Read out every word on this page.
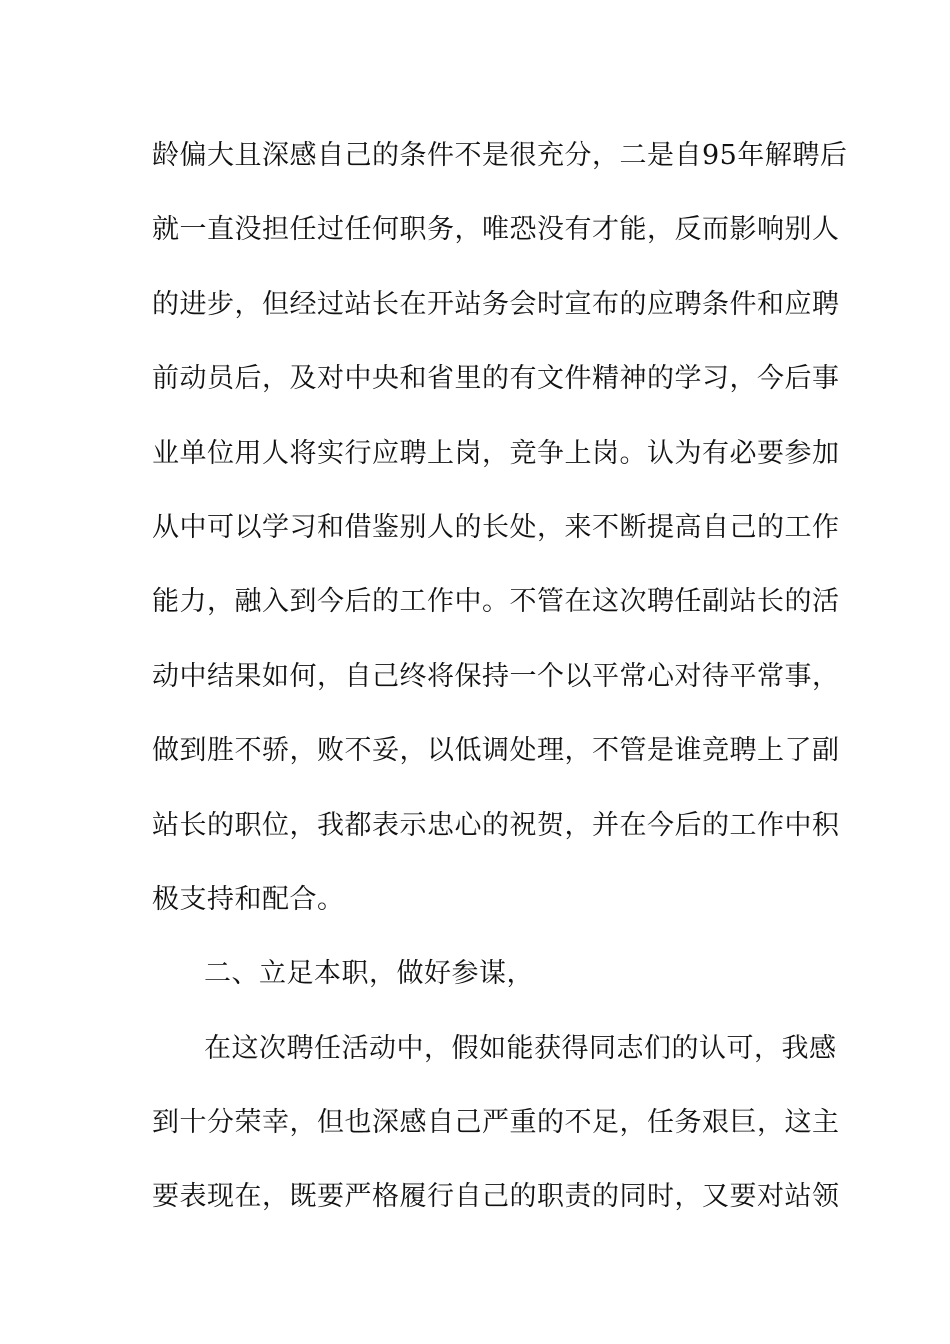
龄偏大且深感自己的条件不是很充分，二是自95年解聘后
就一直没担任过任何职务，唯恐没有才能，反而影响别人
的进步，但经过站长在开站务会时宣布的应聘条件和应聘
前动员后，及对中央和省里的有文件精神的学习，今后事
业单位用人将实行应聘上岗，竞争上岗。认为有必要参加
从中可以学习和借鉴别人的长处，来不断提高自己的工作
能力，融入到今后的工作中。不管在这次聘任副站长的活
动中结果如何，自己终将保持一个以平常心对待平常事，
做到胜不骄，败不妥，以低调处理，不管是谁竞聘上了副
站长的职位，我都表示忠心的祝贺，并在今后的工作中积
极支持和配合。
二、立足本职，做好参谋，
在这次聘任活动中，假如能获得同志们的认可，我感
到十分荣幸，但也深感自己严重的不足，任务艰巨，这主
要表现在，既要严格履行自己的职责的同时，又要对站领
